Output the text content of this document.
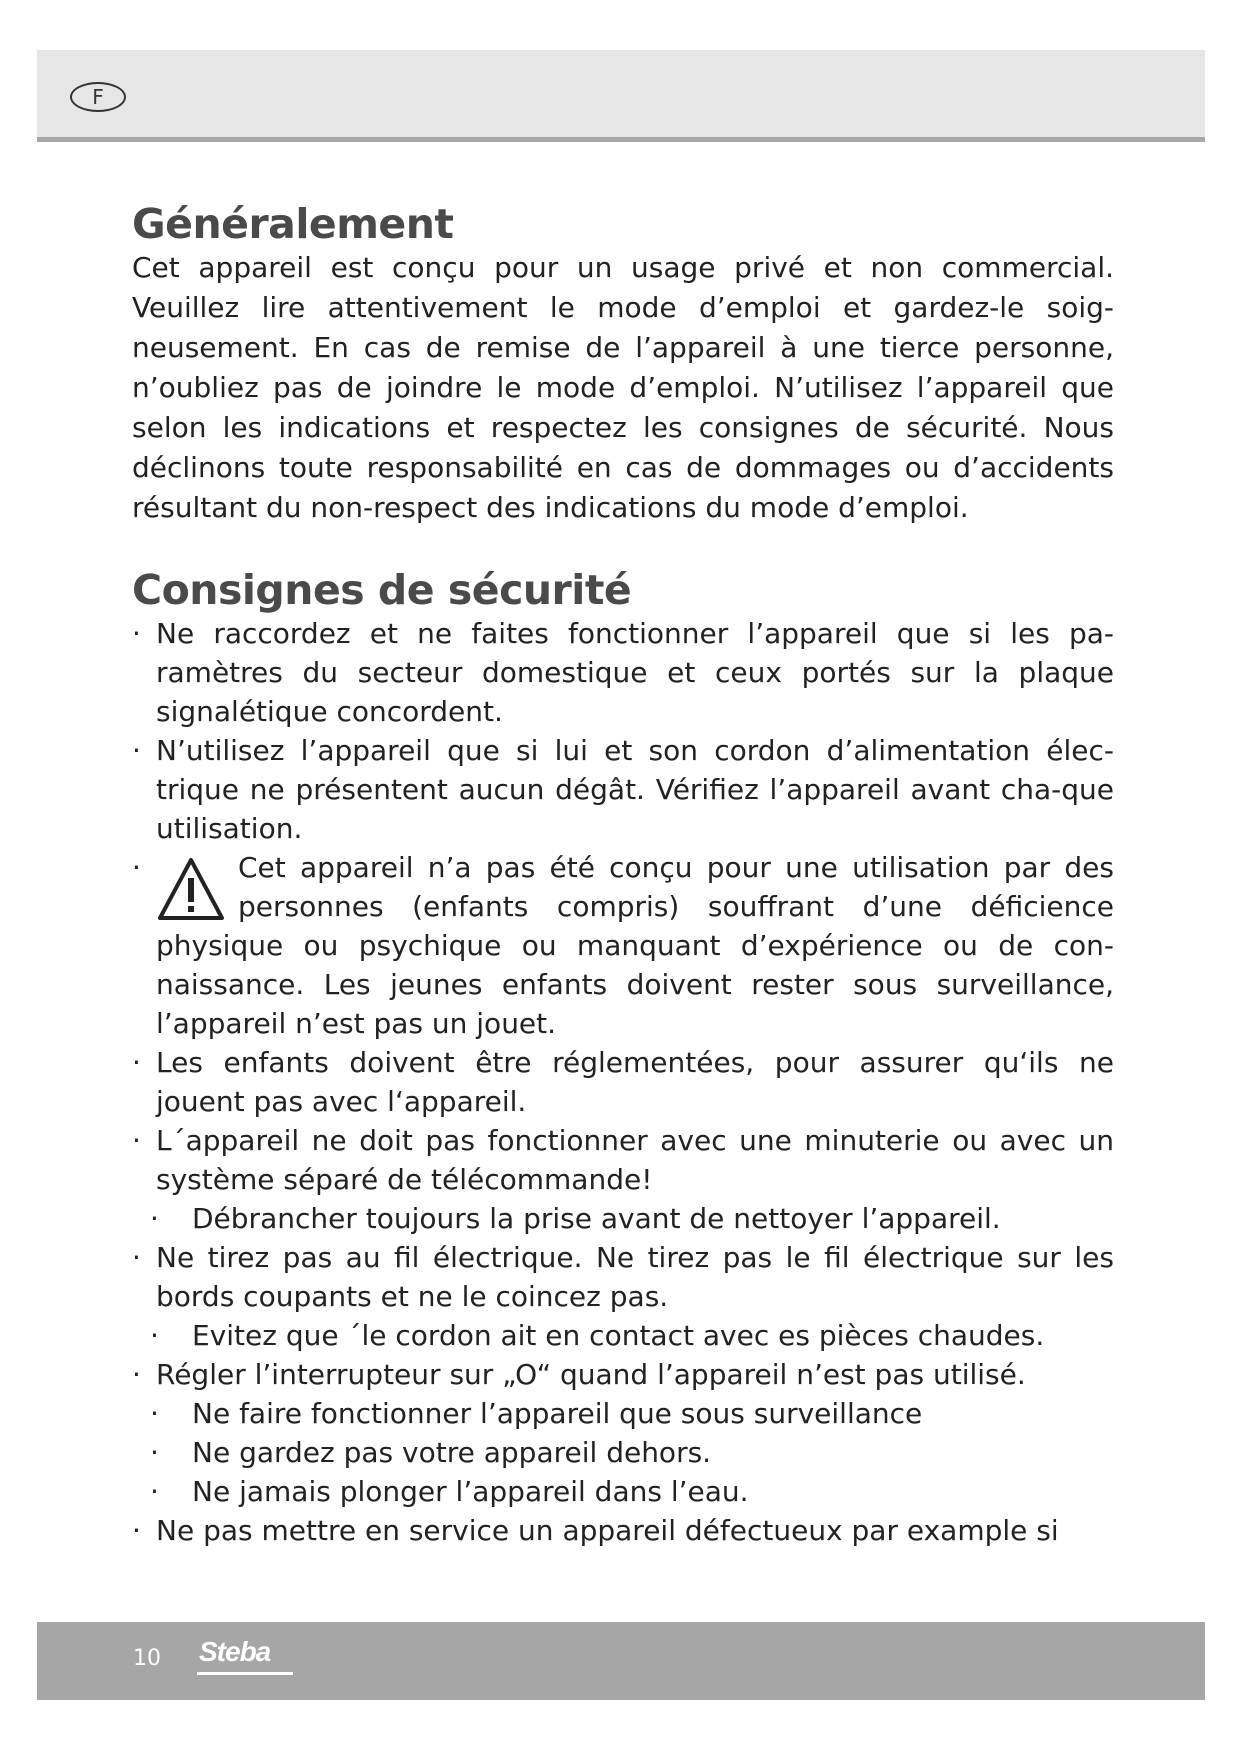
F
Généralement

Cet appareil est conçu pour un usage privé et non commercial. Veuillez lire attentivement le mode d’emploi et gardez-le soig-neusement. En cas de remise de l’appareil à une tierce personne, n’oubliez pas de joindre le mode d’emploi. N’utilisez l’appareil que selon les indications et respectez les consignes de sécurité. Nous déclinons toute responsabilité en cas de dommages ou d’accidents résultant du non-respect des indications du mode d’emploi.

Consignes de sécurité
· Ne raccordez et ne faites fonctionner l’appareil que si les pa-ramètres du secteur domestique et ceux portés sur la plaque signalétique concordent.
· N’utilisez l’appareil que si lui et son cordon d’alimentation élec-trique ne présentent aucun dégât. Vérifiez l’appareil avant cha-que utilisation.
·	Cet appareil n’a pas été conçu pour une utilisation par des personnes (enfants compris) souffrant d’une déficience physique ou psychique ou manquant d’expérience ou de con-naissance. Les jeunes enfants doivent rester sous surveillance, l’appareil n’est pas un jouet.
· Les enfants doivent être réglementées, pour assurer qu‘ils ne jouent pas avec l‘appareil.
· L´appareil ne doit pas fonctionner avec une minuterie ou avec un système séparé de télécommande!
· Débrancher toujours la prise avant de nettoyer l’appareil.
· Ne tirez pas au fil électrique. Ne tirez pas le fil électrique sur les bords coupants et ne le coincez pas.
· Evitez que ´le cordon ait en contact avec es pièces chaudes.
· Régler l’interrupteur sur „O“ quand l’appareil n’est pas utilisé.
· Ne faire fonctionner l’appareil que sous surveillance
· Ne gardez pas votre appareil dehors.
· Ne jamais plonger l’appareil dans l’eau.
· Ne pas mettre en service un appareil défectueux par example si
10 Steba
